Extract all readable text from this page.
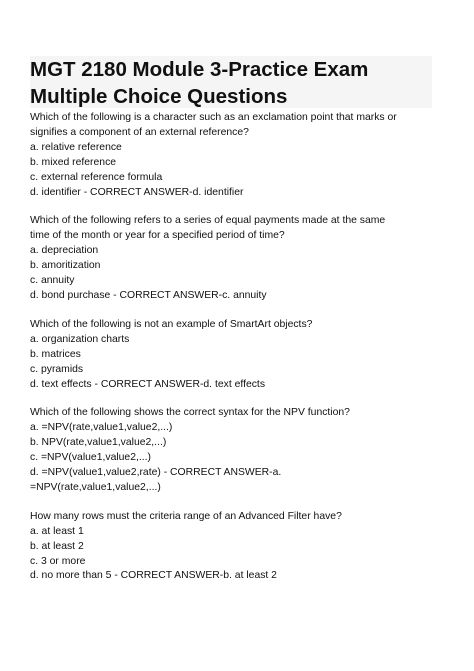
MGT 2180 Module 3-Practice Exam
Multiple Choice Questions
Which of the following is a character such as an exclamation point that marks or
signifies a component of an external reference?
a. relative reference
b. mixed reference
c. external reference formula
d. identifier - CORRECT ANSWER-d. identifier
Which of the following refers to a series of equal payments made at the same
time of the month or year for a specified period of time?
a. depreciation
b. amoritization
c. annuity
d. bond purchase - CORRECT ANSWER-c. annuity
Which of the following is not an example of SmartArt objects?
a. organization charts
b. matrices
c. pyramids
d. text effects - CORRECT ANSWER-d. text effects
Which of the following shows the correct syntax for the NPV function?
a. =NPV(rate,value1,value2,...)
b. NPV(rate,value1,value2,...)
c. =NPV(value1,value2,...)
d. =NPV(value1,value2,rate) - CORRECT ANSWER-a.
=NPV(rate,value1,value2,...)
How many rows must the criteria range of an Advanced Filter have?
a. at least 1
b. at least 2
c. 3 or more
d. no more than 5 - CORRECT ANSWER-b. at least 2
